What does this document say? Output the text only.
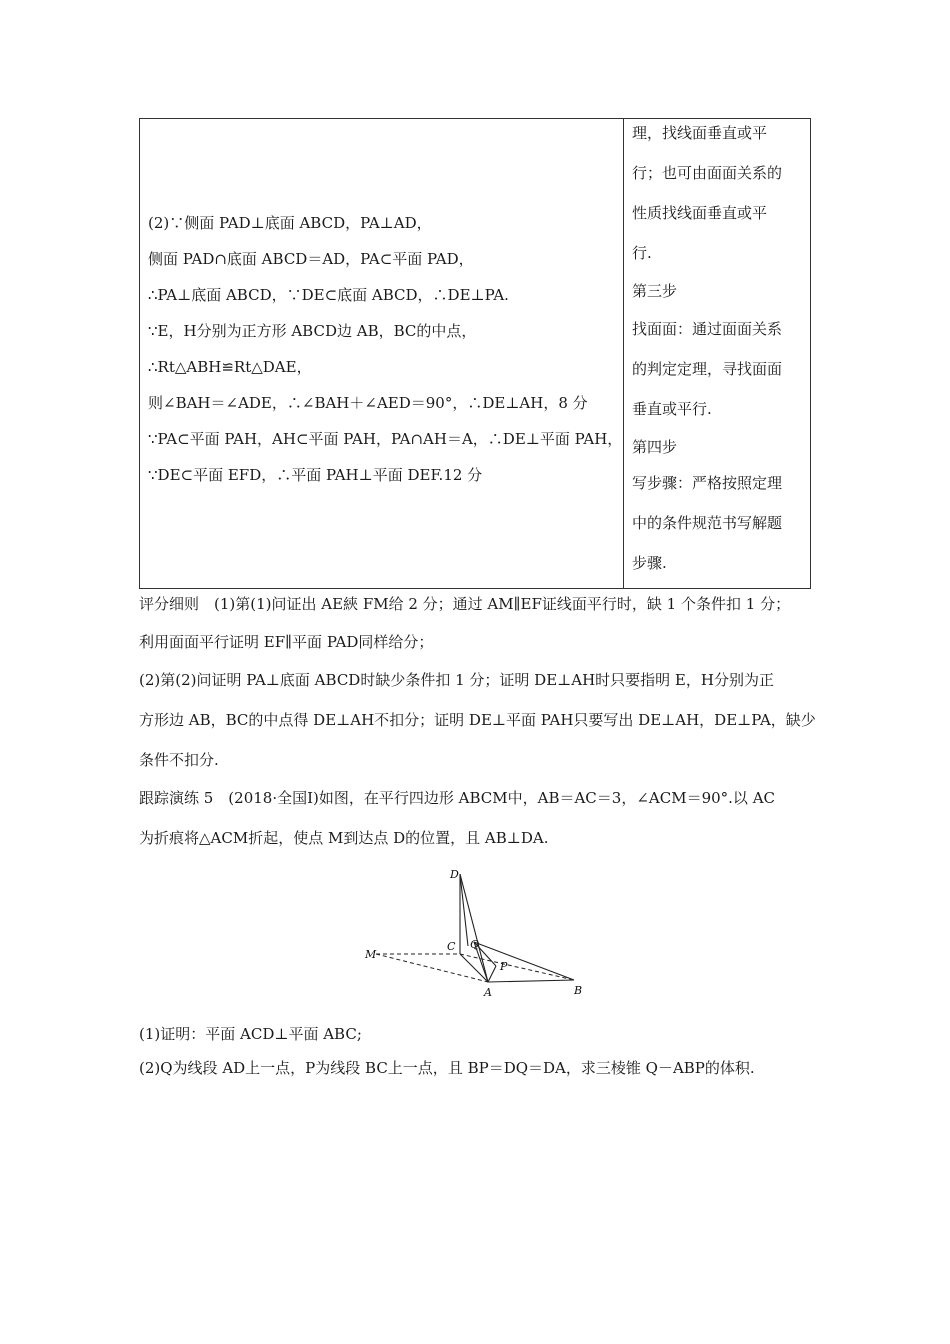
(2)∵侧面 PAD⊥底面 ABCD，PA⊥AD，
侧面 PAD∩底面 ABCD＝AD，PA⊂平面 PAD，
∴PA⊥底面 ABCD，∵DE⊂底面 ABCD，∴DE⊥PA.
∵E，H分别为正方形 ABCD边 AB，BC的中点，
∴Rt△ABH≌Rt△DAE，
则∠BAH＝∠ADE，∴∠BAH＋∠AED＝90°，∴DE⊥AH，8 分
∵PA⊂平面 PAH，AH⊂平面 PAH，PA∩AH＝A，∴DE⊥平面 PAH，
∵DE⊂平面 EFD，∴平面 PAH⊥平面 DEF.12 分
理，找线面垂直或平
行；也可由面面关系的
性质找线面垂直或平
行.
第三步
找面面：通过面面关系
的判定定理，寻找面面
垂直或平行.
第四步
写步骤：严格按照定理
中的条件规范书写解题
步骤.
评分细则　(1)第(1)问证出 AE綊 FM给 2 分；通过 AM∥EF证线面平行时，缺 1 个条件扣 1 分；
利用面面平行证明 EF∥平面 PAD同样给分；
(2)第(2)问证明 PA⊥底面 ABCD时缺少条件扣 1 分；证明 DE⊥AH时只要指明 E，H分别为正
方形边 AB，BC的中点得 DE⊥AH不扣分；证明 DE⊥平面 PAH只要写出 DE⊥AH，DE⊥PA，缺少
条件不扣分.
跟踪演练 5　(2018·全国Ⅰ)如图，在平行四边形 ABCM中，AB＝AC＝3，∠ACM＝90°.以 AC
为折痕将△ACM折起，使点 M到达点 D的位置，且 AB⊥DA.
D
C Q
M
P
A	B
(1)证明：平面 ACD⊥平面 ABC;
(2)Q为线段 AD上一点，P为线段 BC上一点，且 BP＝DQ＝DA，求三棱锥 Q－ABP的体积.
